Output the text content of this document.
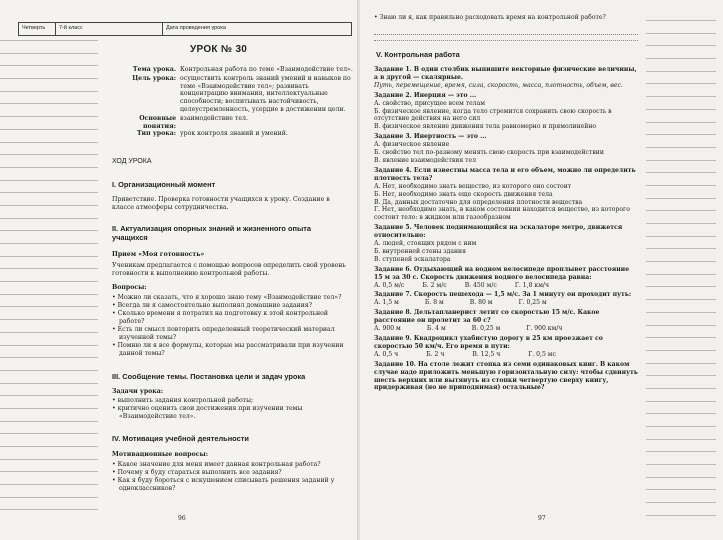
Четверть	7-й класс	Дата проведения урока
УРОК № 30
Тема урока. Контрольная работа по теме «Взаимодействие тел».
Цель урока: осуществить контроль знаний умений и навыков по теме «Взаимодействие тел»; развивать концентрацию внимания, интеллектуальные способности; воспитывать настойчивость, целеустремленность, усердие в достижении цели.
Основные понятия:
взаимодействие тел.
Тип урока: урок контроля знаний и умений.
ХОД УРОКА
I. Организационный момент
Приветствие. Проверка готовности учащихся к уроку. Создание в классе атмосферы сотрудничества.
II. Актуализация опорных знаний и жизненного опыта учащихся
Прием «Моя готовность»
Ученикам предлагается с помощью вопросов определить свой уровень готовности к выполнению контрольной работы.
Вопросы:
• Можно ли сказать, что я хорошо знаю тему «Взаимодействие тел»?
• Всегда ли я самостоятельно выполнял домашние задания?
• Сколько времени я потратил на подготовку к этой контрольной работе?
• Есть ли смысл повторить определенный теоретический материал изученной темы?
• Помню ли я все формулы, которые мы рассматривали при изучении данной темы?
III. Сообщение темы. Постановка цели и задач урока
Задачи урока:
• выполнить задания контрольной работы;
• критично оценить свои достижения при изучении темы «Взаимодействие тел».
IV. Мотивация учебной деятельности
Мотивационные вопросы:
• Какое значение для меня имеет данная контрольная работа?
• Почему я буду стараться выполнить все задания?
• Как я буду бороться с искушением списывать решения заданий у одноклассников?
96
• Знаю ли я, как правильно расходовать время на контрольной работе?
V. Контрольная работа

Задание 1. В один столбик выпишите векторные физические величины, а в другой — скалярные.

Путь, перемещение, время, сила, скорость, масса, плотность, объем, вес.

Задание 2. Инерция — это ...

А. свойство, присущее всем телам

Б. физическое явление, когда тело стремится сохранить свою скорость в отсутствие действия на него сил

В. физическое явление движения тела равномерно и прямолинейно

Задание 3. Инертность — это ...

А. физическое явление

Б. свойство тел по-разному менять свою скорость при взаимодействии

В. явление взаимодействия тел

Задание 4. Если известны масса тела и его объем, можно ли определить плотность тела?

А. Нет, необходимо знать вещество, из которого оно состоит

Б. Нет, необходимо знать еще скорость движения тела

В. Да, данных достаточно для определения плотности вещества

Г. Нет, необходимо знать, в каком состоянии находится вещество, из которого состоит тело: в жидком или газообразном

Задание 5. Человек поднимающийся на эскалаторе метро, движется относительно:

А. людей, стоящих рядом с ним

Б. внутренней стены здания

В. ступеней эскалатора

Задание 6. Отдыхающий на водном велосипеде проплывет расстояние 15 м за 30 с. Скорость движения водного велосипеда равна:

А. 0,5 м/с	Б. 2 м/с	В. 450 м/с	Г. 1,8 км/ч

Задание 7. Скорость пешехода — 1,5 м/с. За 1 минуту он проходит путь:

А. 1,5 м	Б. 8 м	В. 80 м	Г. 0,25 м

Задание 8. Дельтапланерист летит со скоростью 15 м/с. Какое расстояние он пролетит за 60 с?

А. 900 м	Б. 4 м	В. 0,25 м	Г. 900 км/ч

Задание 9. Квадроцикл ухабистую дорогу в 25 км проезжает со скоростью 50 км/ч. Его время в пути:

А. 0,5 ч	Б. 2 ч	В. 12,5 ч	Г. 0,5 мс

Задание 10. На столе лежит стопка из семи одинаковых книг. В каком случае надо приложить меньшую горизонтальную силу: чтобы сдвинуть шесть верхних или вытянуть из стопки четвертую сверху книгу, придерживая (но не приподнимая) остальные?

97
